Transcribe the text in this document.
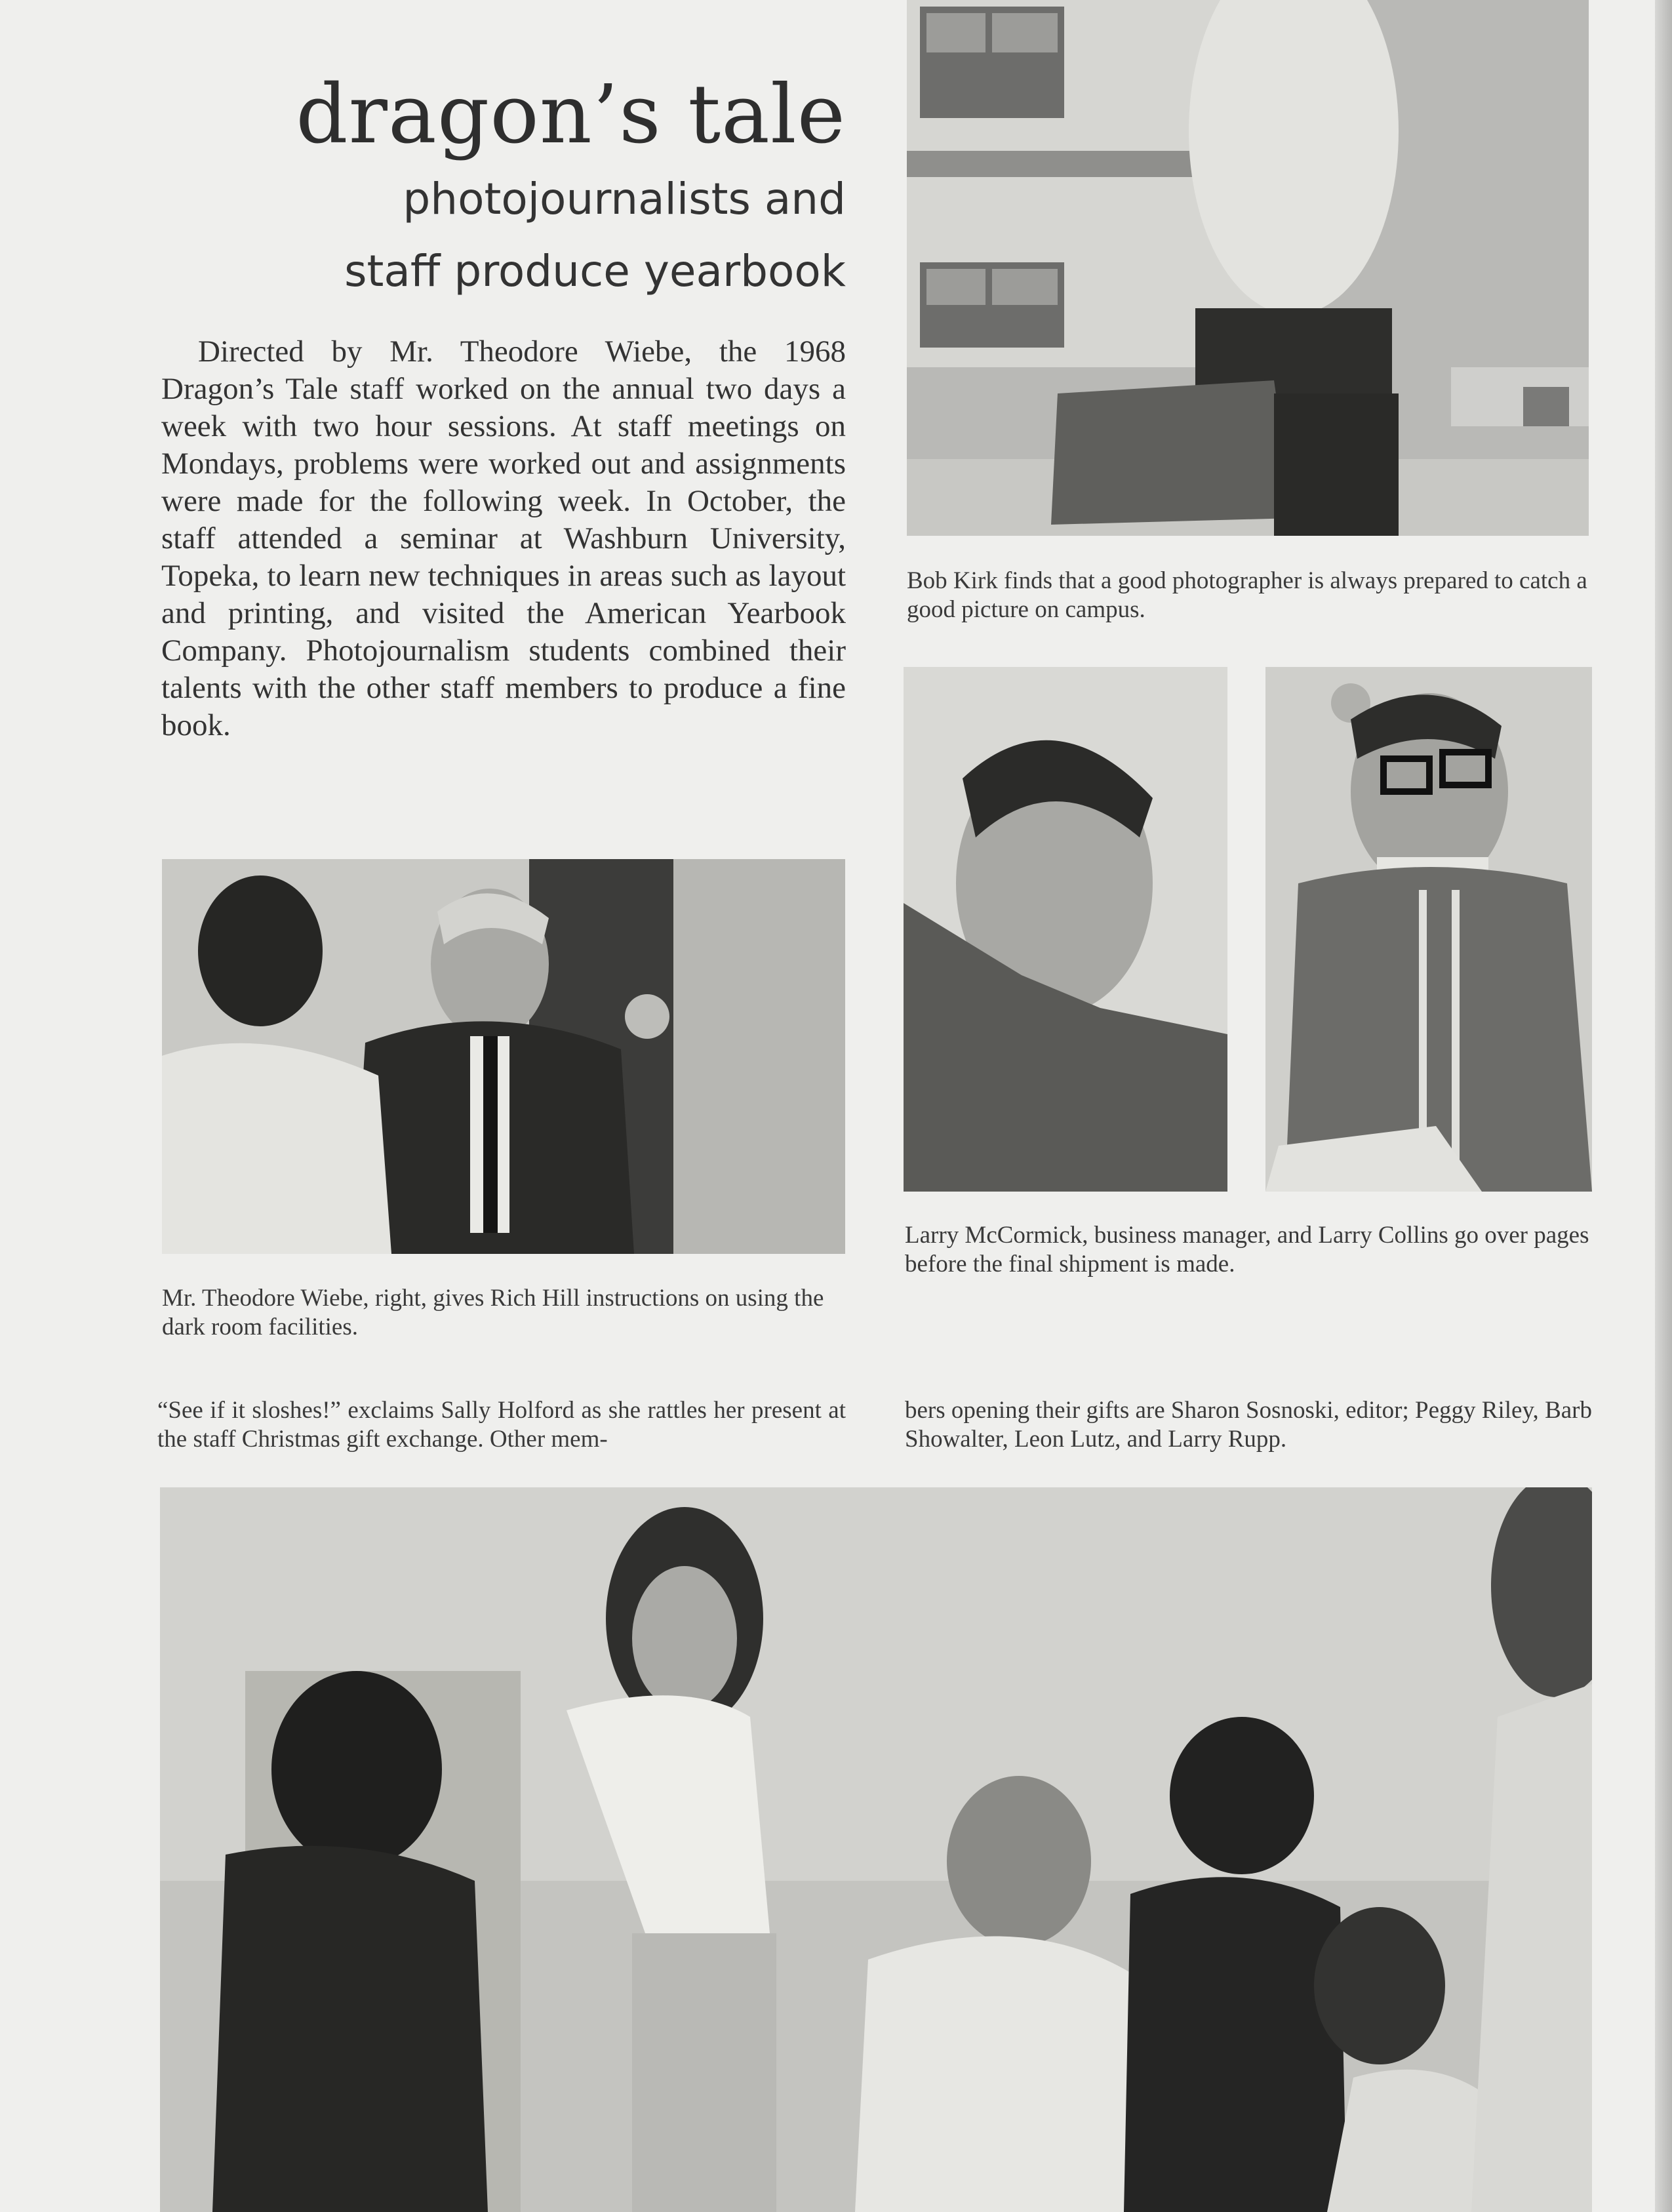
dragon’s tale

photojournalists and

staff produce yearbook

Directed by Mr. Theodore Wiebe, the 1968 Dragon’s Tale staff worked on the annual two days a week with two hour sessions. At staff meetings on Mondays, problems were worked out and assignments were made for the following week. In October, the staff attended a seminar at Washburn University, Topeka, to learn new techniques in areas such as layout and printing, and visited the American Yearbook Company. Photojournalism students combined their talents with the other staff members to produce a fine book.

Bob Kirk finds that a good photographer is always prepared to catch a good picture on campus.

Larry McCormick, business manager, and Larry Collins go over pages before the final shipment is made.

Mr. Theodore Wiebe, right, gives Rich Hill instructions on using the dark room facilities.

“See if it sloshes!” exclaims Sally Holford as she rattles her present at the staff Christmas gift exchange. Other mem-

bers opening their gifts are Sharon Sosnoski, editor; Peggy Riley, Barb Showalter, Leon Lutz, and Larry Rupp.
